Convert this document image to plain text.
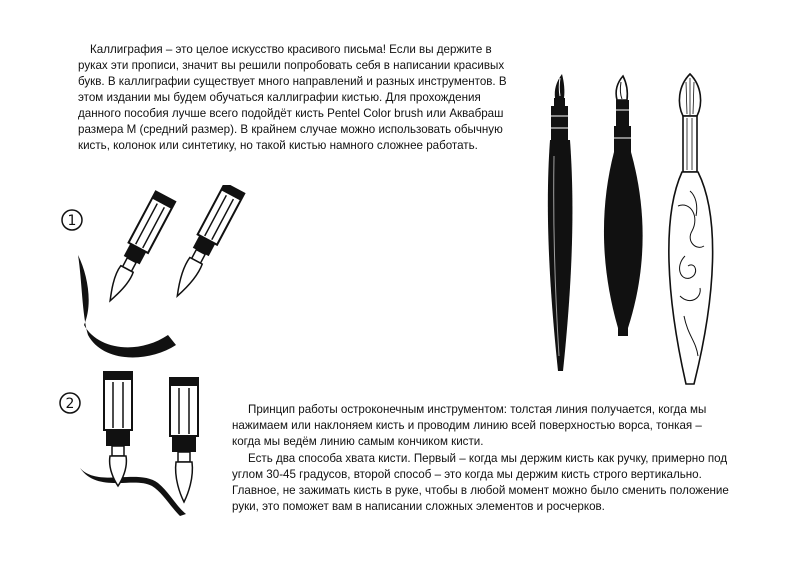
Каллиграфия – это целое искусство красивого письма! Если вы держите в руках эти прописи, значит вы решили попробовать себя в написании красивых букв. В каллиграфии существует много направлений и разных инструментов. В этом издании мы будем обучаться каллиграфии кистью. Для прохождения данного пособия лучше всего подойдёт кисть Pentel Color brush или Аквабраш размера М (средний размер). В крайнем случае можно использовать обычную кисть, колонок или синтетику, но такой кистью намного сложнее работать.

1
2	Принцип работы остроконечным инструментом: толстая линия получается, когда мы нажимаем или наклоняем кисть и проводим линию всей поверхностью ворса, тонкая – когда мы ведём линию самым кончиком кисти.

Есть два способа хвата кисти. Первый – когда мы держим кисть как ручку, примерно под углом 30-45 градусов, второй способ – это когда мы держим кисть строго вертикально. Главное, не зажимать кисть в руке, чтобы в любой момент можно было сменить положение руки, это поможет вам в написании сложных элементов и росчерков.
